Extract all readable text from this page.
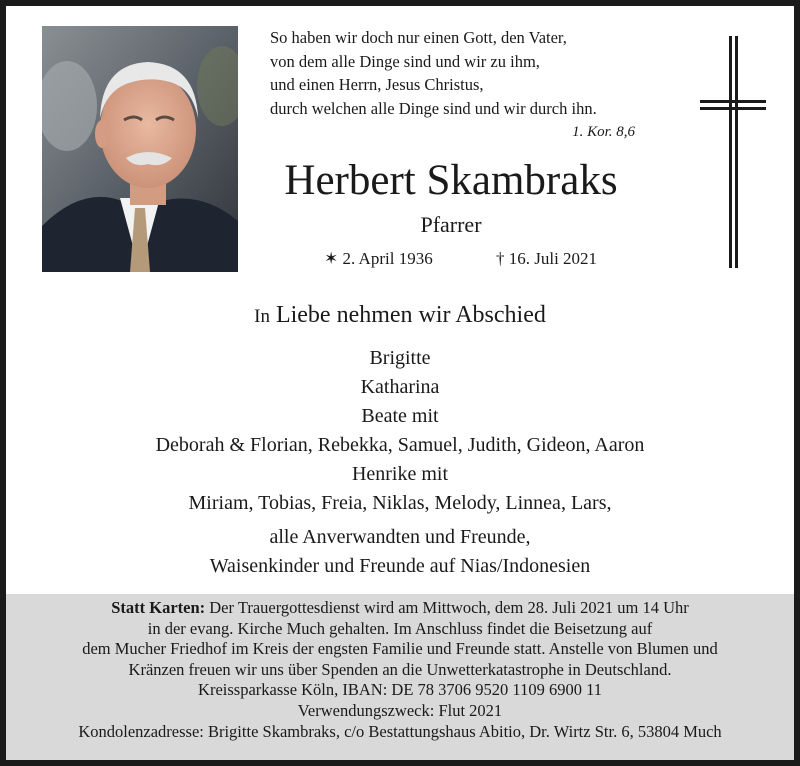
So haben wir doch nur einen Gott, den Vater,
von dem alle Dinge sind und wir zu ihm,
und einen Herrn, Jesus Christus,
durch welchen alle Dinge sind und wir durch ihn.
1. Kor. 8,6
Herbert Skambraks
Pfarrer
✶ 2. April 1936	† 16. Juli 2021
In Liebe nehmen wir Abschied
Brigitte
Katharina
Beate mit
Deborah & Florian, Rebekka, Samuel, Judith, Gideon, Aaron
Henrike mit
Miriam, Tobias, Freia, Niklas, Melody, Linnea, Lars,
alle Anverwandten und Freunde,
Waisenkinder und Freunde auf Nias/Indonesien
Statt Karten: Der Trauergottesdienst wird am Mittwoch, dem 28. Juli 2021 um 14 Uhr
in der evang. Kirche Much gehalten. Im Anschluss findet die Beisetzung auf
dem Mucher Friedhof im Kreis der engsten Familie und Freunde statt. Anstelle von Blumen und
Kränzen freuen wir uns über Spenden an die Unwetterkatastrophe in Deutschland.
Kreissparkasse Köln, IBAN: DE 78 3706 9520 1109 6900 11
Verwendungszweck: Flut 2021
Kondolenzadresse: Brigitte Skambraks, c/o Bestattungshaus Abitio, Dr. Wirtz Str. 6, 53804 Much
